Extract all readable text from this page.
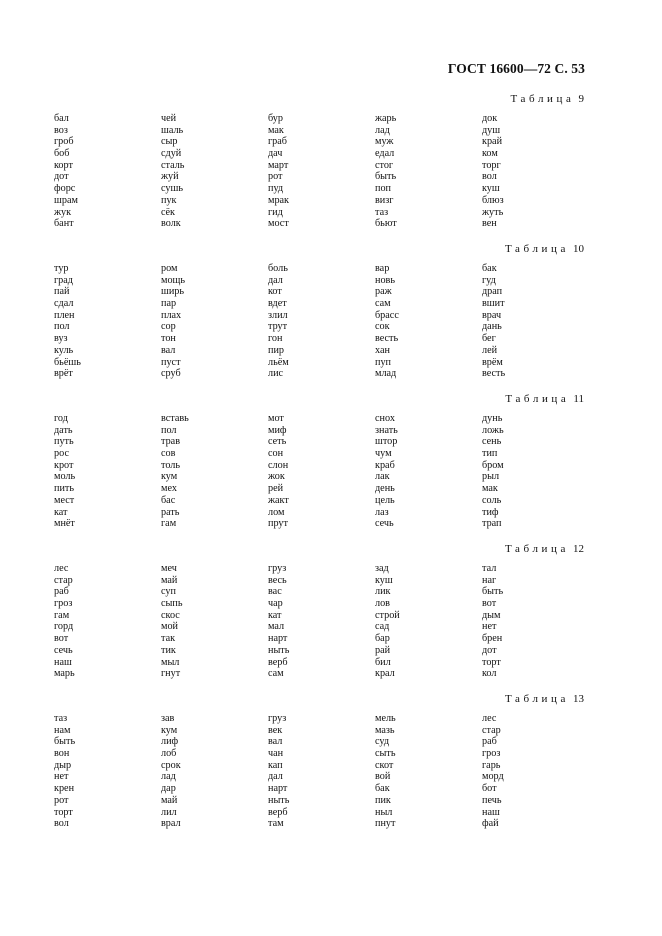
ГОСТ 16600—72 С. 53
Таблица 9
бал
воз
гроб
боб
корт
дот
форс
шрам
жук
бант
чей
шаль
сыр
сдуй
сталь
жуй
сушь
пук
сёк
волк
бур
мак
граб
дач
март
рот
пуд
мрак
гид
мост
жарь
лад
муж
едал
стог
быть
поп
визг
таз
бьют
док
душ
край
ком
торг
вол
куш
блюз
жуть
вен
Таблица 10
тур
град
пай
сдал
плен
пол
вуз
куль
бьёшь
врёт
ром
мощь
ширь
пар
плах
сор
тон
вал
пуст
сруб
боль
дал
кот
вдет
злил
трут
гон
пир
льём
лис
вар
новь
раж
сам
брасс
сок
весть
хан
пуп
млад
бак
гуд
драп
вшит
врач
дань
бег
лей
врём
весть
Таблица 11
год
дать
путь
рос
крот
моль
пить
мест
кат
мнёт
вставь
пол
трав
сов
толь
кум
мех
бас
рать
гам
мот
миф
сеть
сон
слон
жок
рей
жакт
лом
прут
снох
знать
штор
чум
краб
лак
день
цель
лаз
сечь
дунь
ложь
сень
тип
бром
рыл
мак
соль
тиф
трап
Таблица 12
лес
стар
раб
гроз
гам
горд
вот
сечь
наш
марь
меч
май
суп
сыпь
скос
мой
так
тик
мыл
гнут
груз
весь
вас
чар
кат
мал
нарт
ныть
верб
сам
зад
куш
лик
лов
строй
сад
бар
рай
бил
крал
тал
наг
быть
вот
дым
нет
брен
дот
торт
кол
Таблица 13
таз
нам
быть
вон
дыр
нет
крен
рот
торт
вол
зав
кум
лиф
лоб
срок
лад
дар
май
лил
врал
груз
век
вал
чан
кап
дал
нарт
ныть
верб
там
мель
мазь
суд
сыть
скот
вой
бак
пик
ныл
пнут
лес
стар
раб
гроз
гарь
морд
бот
печь
наш
фай
